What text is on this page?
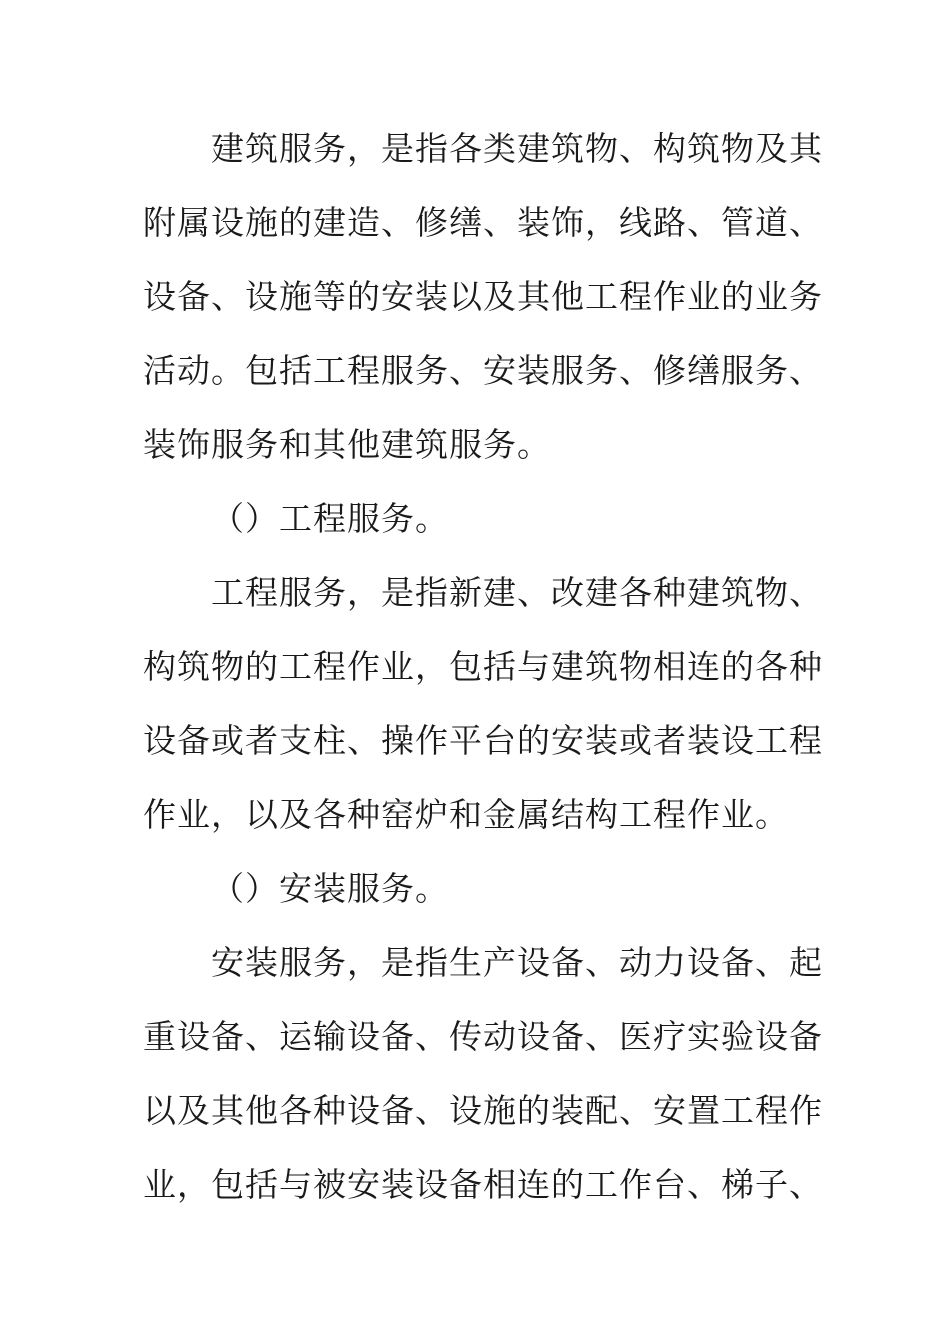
建筑服务，是指各类建筑物、构筑物及其
附属设施的建造、修缮、装饰，线路、管道、
设备、设施等的安装以及其他工程作业的业务
活动。包括工程服务、安装服务、修缮服务、
装饰服务和其他建筑服务。
（）工程服务。
工程服务，是指新建、改建各种建筑物、
构筑物的工程作业，包括与建筑物相连的各种
设备或者支柱、操作平台的安装或者装设工程
作业，以及各种窑炉和金属结构工程作业。
（）安装服务。
安装服务，是指生产设备、动力设备、起
重设备、运输设备、传动设备、医疗实验设备
以及其他各种设备、设施的装配、安置工程作
业，包括与被安装设备相连的工作台、梯子、
